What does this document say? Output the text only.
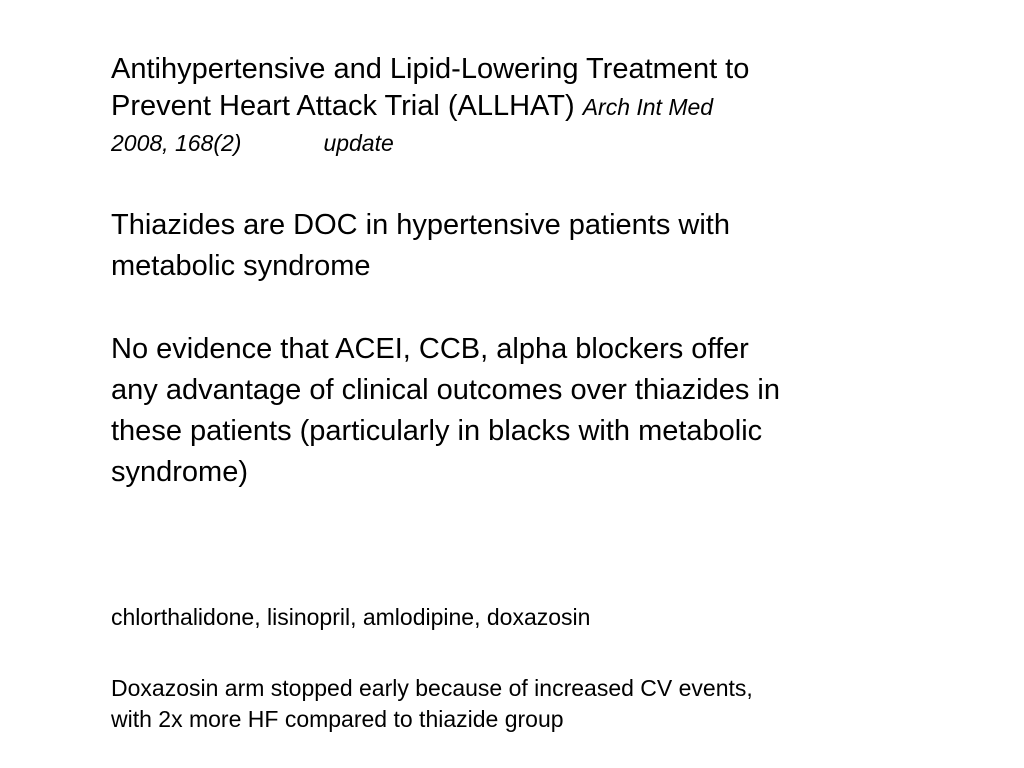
Antihypertensive and Lipid-Lowering Treatment to
Prevent Heart Attack Trial (ALLHAT) Arch Int Med
2008, 168(2)	update
Thiazides are DOC in hypertensive patients with
metabolic syndrome
No evidence that ACEI, CCB, alpha blockers offer
any advantage of clinical outcomes over thiazides in
these patients (particularly in blacks with metabolic
syndrome)
chlorthalidone, lisinopril, amlodipine, doxazosin
Doxazosin arm stopped early because of increased CV events,
with 2x more HF compared to thiazide group
